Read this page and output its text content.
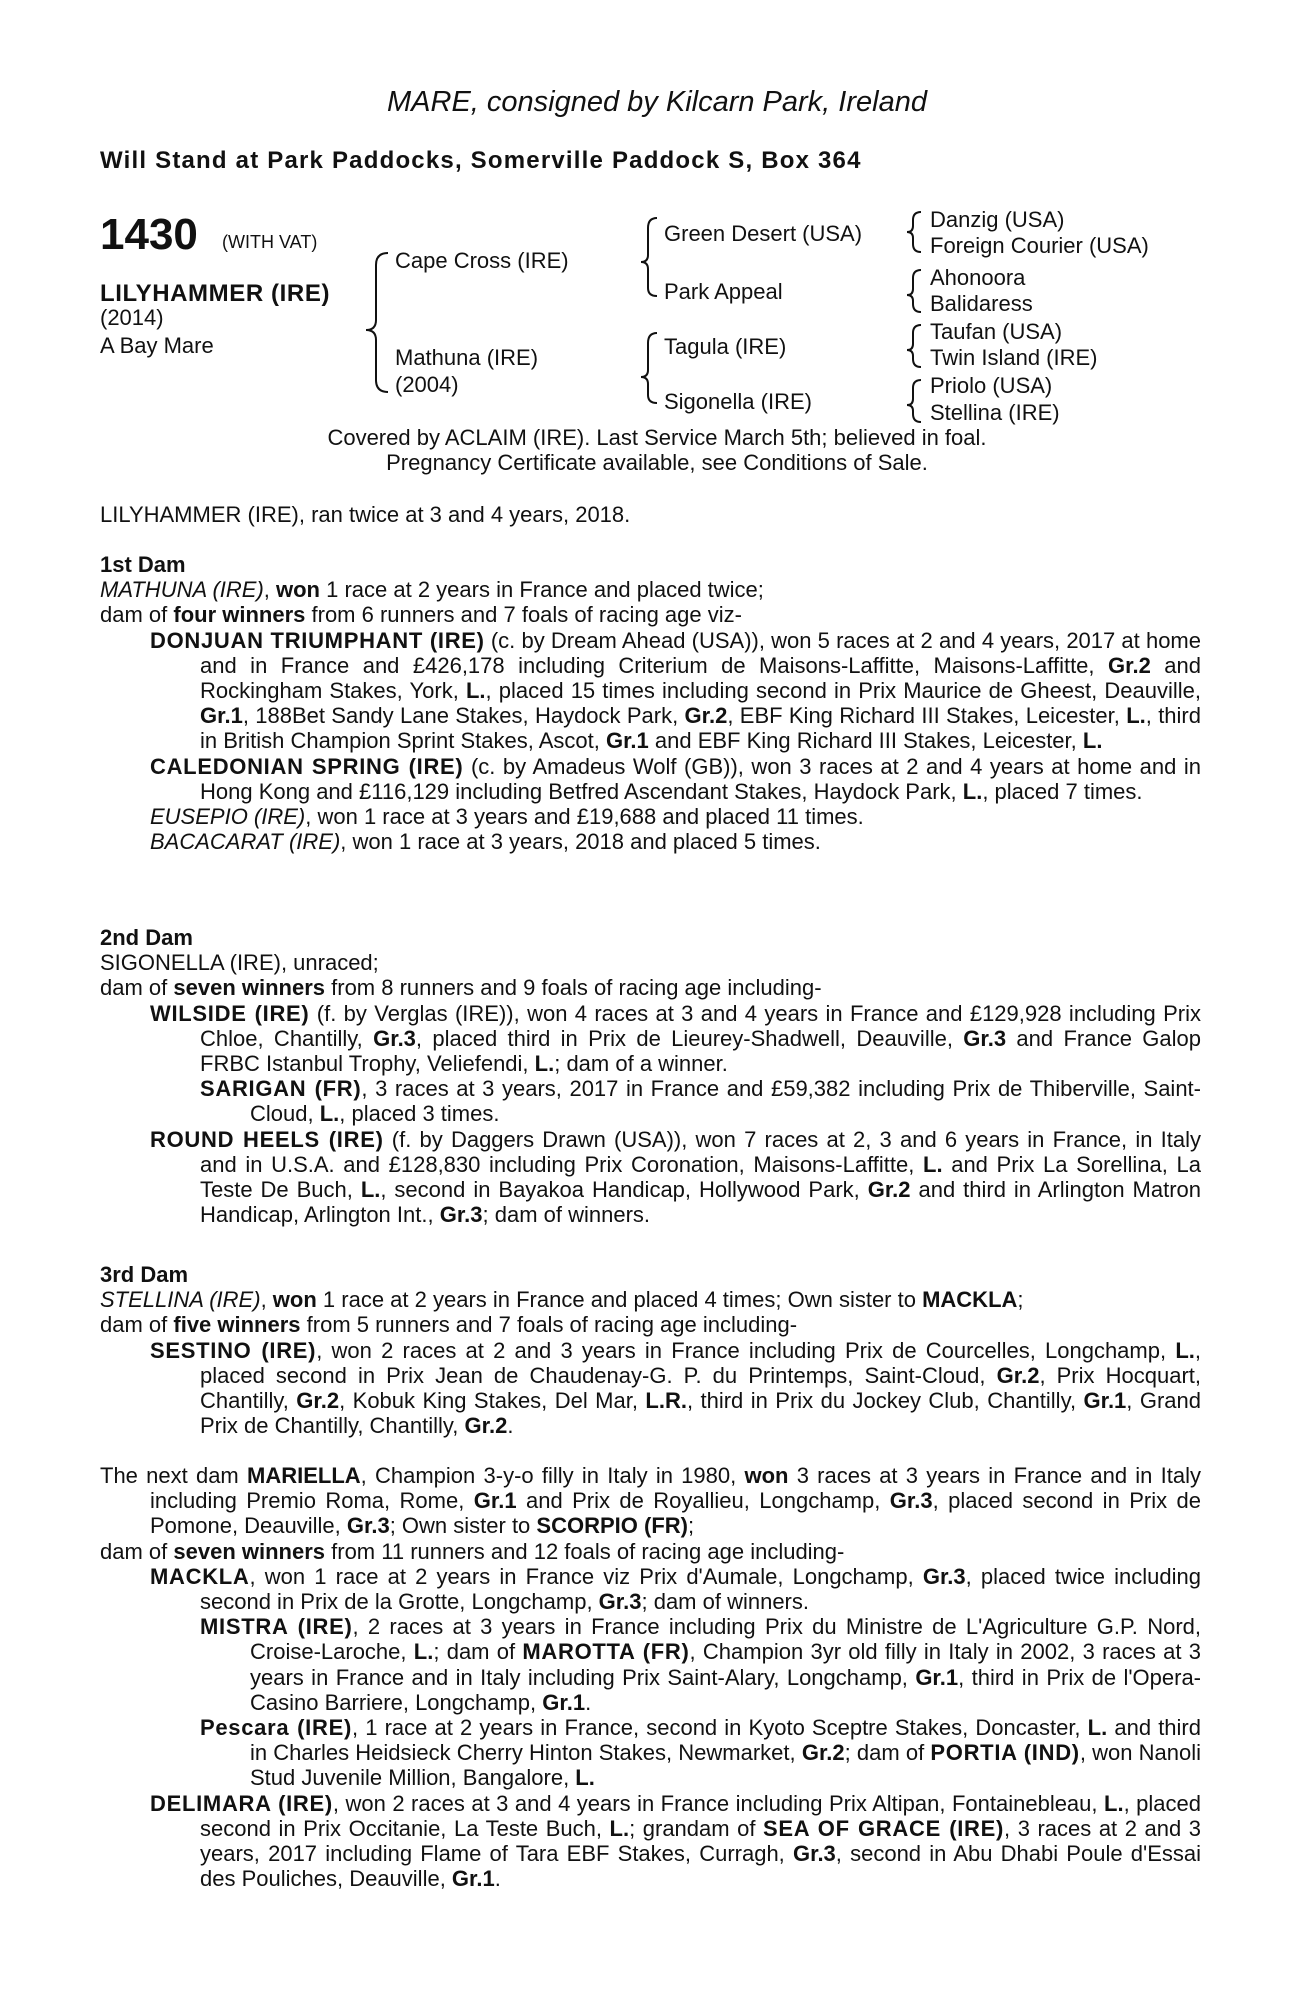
MARE, consigned by Kilcarn Park, Ireland
Will Stand at Park Paddocks, Somerville Paddock S, Box 364
1430 (WITH VAT)
LILYHAMMER (IRE)
(2014)
A Bay Mare
Cape Cross (IRE)
Mathuna (IRE)
(2004)
Green Desert (USA)
Park Appeal
Tagula (IRE)
Sigonella (IRE)
Danzig (USA)
Foreign Courier (USA)
Ahonoora
Balidaress
Taufan (USA)
Twin Island (IRE)
Priolo (USA)
Stellina (IRE)
Covered by ACLAIM (IRE). Last Service March 5th; believed in foal.
Pregnancy Certificate available, see Conditions of Sale.
LILYHAMMER (IRE), ran twice at 3 and 4 years, 2018.

1st Dam

MATHUNA (IRE), won 1 race at 2 years in France and placed twice;

dam of four winners from 6 runners and 7 foals of racing age viz-

DONJUAN TRIUMPHANT (IRE) (c. by Dream Ahead (USA)), won 5 races at 2 and 4 years, 2017 at home and in France and £426,178 including Criterium de Maisons-Laffitte, Maisons-Laffitte, Gr.2 and Rockingham Stakes, York, L., placed 15 times including second in Prix Maurice de Gheest, Deauville, Gr.1, 188Bet Sandy Lane Stakes, Haydock Park, Gr.2, EBF King Richard III Stakes, Leicester, L., third in British Champion Sprint Stakes, Ascot, Gr.1 and EBF King Richard III Stakes, Leicester, L.

CALEDONIAN SPRING (IRE) (c. by Amadeus Wolf (GB)), won 3 races at 2 and 4 years at home and in Hong Kong and £116,129 including Betfred Ascendant Stakes, Haydock Park, L., placed 7 times.

EUSEPIO (IRE), won 1 race at 3 years and £19,688 and placed 11 times.

BACACARAT (IRE), won 1 race at 3 years, 2018 and placed 5 times.

2nd Dam

SIGONELLA (IRE), unraced;

dam of seven winners from 8 runners and 9 foals of racing age including-

WILSIDE (IRE) (f. by Verglas (IRE)), won 4 races at 3 and 4 years in France and £129,928 including Prix Chloe, Chantilly, Gr.3, placed third in Prix de Lieurey-Shadwell, Deauville, Gr.3 and France Galop FRBC Istanbul Trophy, Veliefendi, L.; dam of a winner.

SARIGAN (FR), 3 races at 3 years, 2017 in France and £59,382 including Prix de Thiberville, Saint-Cloud, L., placed 3 times.

ROUND HEELS (IRE) (f. by Daggers Drawn (USA)), won 7 races at 2, 3 and 6 years in France, in Italy and in U.S.A. and £128,830 including Prix Coronation, Maisons-Laffitte, L. and Prix La Sorellina, La Teste De Buch, L., second in Bayakoa Handicap, Hollywood Park, Gr.2 and third in Arlington Matron Handicap, Arlington Int., Gr.3; dam of winners.

3rd Dam

STELLINA (IRE), won 1 race at 2 years in France and placed 4 times; Own sister to MACKLA;

dam of five winners from 5 runners and 7 foals of racing age including-

SESTINO (IRE), won 2 races at 2 and 3 years in France including Prix de Courcelles, Longchamp, L., placed second in Prix Jean de Chaudenay-G. P. du Printemps, Saint-Cloud, Gr.2, Prix Hocquart, Chantilly, Gr.2, Kobuk King Stakes, Del Mar, L.R., third in Prix du Jockey Club, Chantilly, Gr.1, Grand Prix de Chantilly, Chantilly, Gr.2.

The next dam MARIELLA, Champion 3-y-o filly in Italy in 1980, won 3 races at 3 years in France and in Italy including Premio Roma, Rome, Gr.1 and Prix de Royallieu, Longchamp, Gr.3, placed second in Prix de Pomone, Deauville, Gr.3; Own sister to SCORPIO (FR);

dam of seven winners from 11 runners and 12 foals of racing age including-

MACKLA, won 1 race at 2 years in France viz Prix d'Aumale, Longchamp, Gr.3, placed twice including second in Prix de la Grotte, Longchamp, Gr.3; dam of winners.

MISTRA (IRE), 2 races at 3 years in France including Prix du Ministre de L'Agriculture G.P. Nord, Croise-Laroche, L.; dam of MAROTTA (FR), Champion 3yr old filly in Italy in 2002, 3 races at 3 years in France and in Italy including Prix Saint-Alary, Longchamp, Gr.1, third in Prix de l'Opera-Casino Barriere, Longchamp, Gr.1.

Pescara (IRE), 1 race at 2 years in France, second in Kyoto Sceptre Stakes, Doncaster, L. and third in Charles Heidsieck Cherry Hinton Stakes, Newmarket, Gr.2; dam of PORTIA (IND), won Nanoli Stud Juvenile Million, Bangalore, L.

DELIMARA (IRE), won 2 races at 3 and 4 years in France including Prix Altipan, Fontainebleau, L., placed second in Prix Occitanie, La Teste Buch, L.; grandam of SEA OF GRACE (IRE), 3 races at 2 and 3 years, 2017 including Flame of Tara EBF Stakes, Curragh, Gr.3, second in Abu Dhabi Poule d'Essai des Pouliches, Deauville, Gr.1.
